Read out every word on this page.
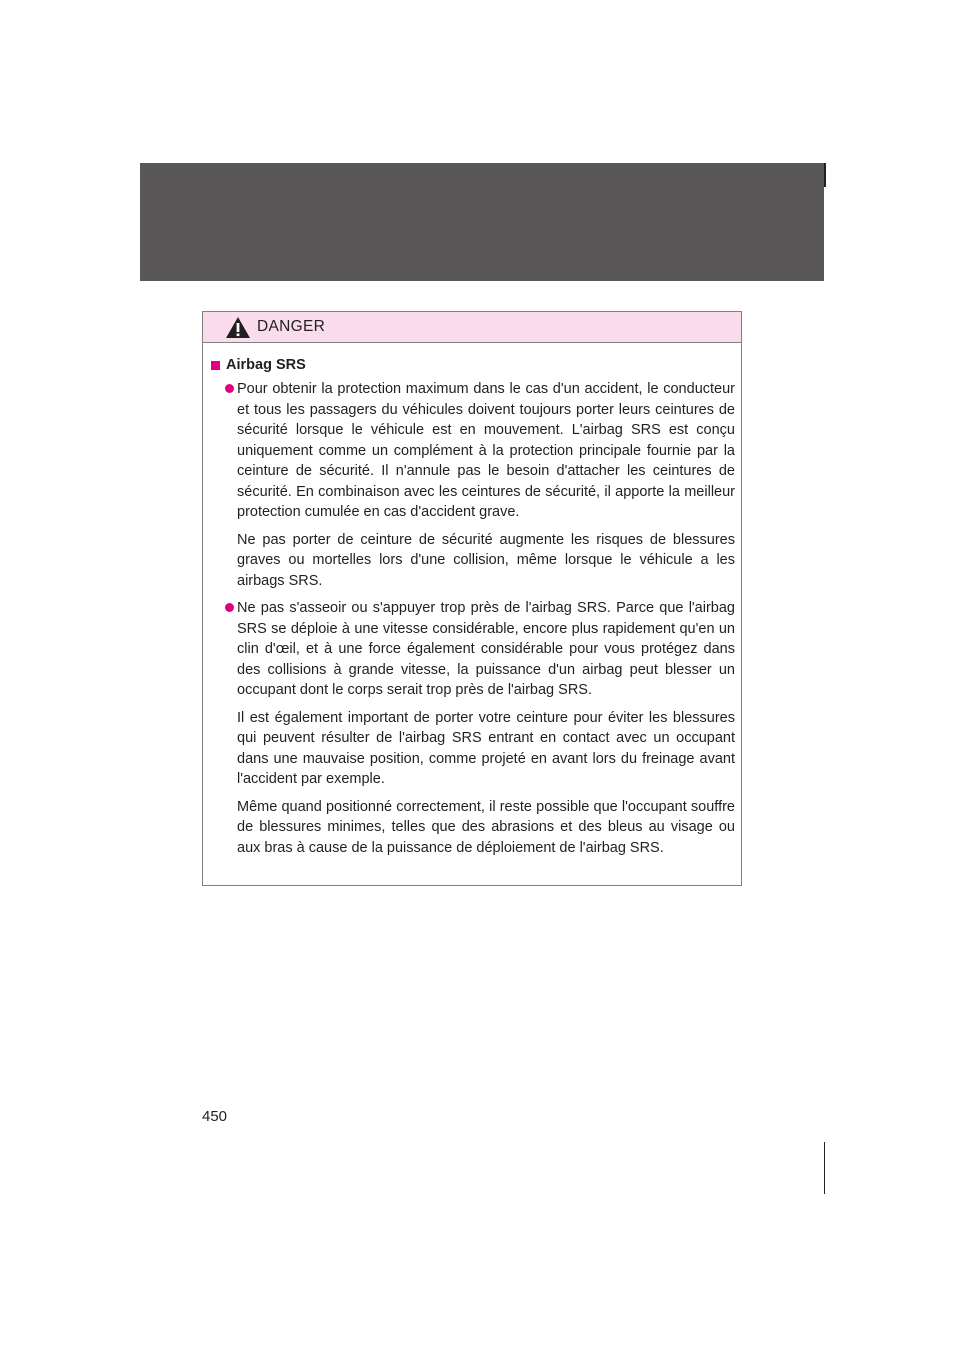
DANGER
Airbag SRS

Pour obtenir la protection maximum dans le cas d'un accident, le conducteur et tous les passagers du véhicules doivent toujours porter leurs ceintures de sécurité lorsque le véhicule est en mouvement. L'airbag SRS est conçu uniquement comme un complément à la protection principale fournie par la ceinture de sécurité. Il n'annule pas le besoin d'attacher les ceintures de sécurité. En combinaison avec les ceintures de sécurité, il apporte la meilleur protection cumulée en cas d'accident grave.

Ne pas porter de ceinture de sécurité augmente les risques de blessures graves ou mortelles lors d'une collision, même lorsque le véhicule a les airbags SRS.

Ne pas s'asseoir ou s'appuyer trop près de l'airbag SRS. Parce que l'airbag SRS se déploie à une vitesse considérable, encore plus rapidement qu'en un clin d'œil, et à une force également considérable pour vous protégez dans des collisions à grande vitesse, la puissance d'un airbag peut blesser un occupant dont le corps serait trop près de l'airbag SRS.

Il est également important de porter votre ceinture pour éviter les blessures qui peuvent résulter de l'airbag SRS entrant en contact avec un occupant dans une mauvaise position, comme projeté en avant lors du freinage avant l'accident par exemple.

Même quand positionné correctement, il reste possible que l'occupant souffre de blessures minimes, telles que des abrasions et des bleus au visage ou aux bras à cause de la puissance de déploiement de l'airbag SRS.

450
